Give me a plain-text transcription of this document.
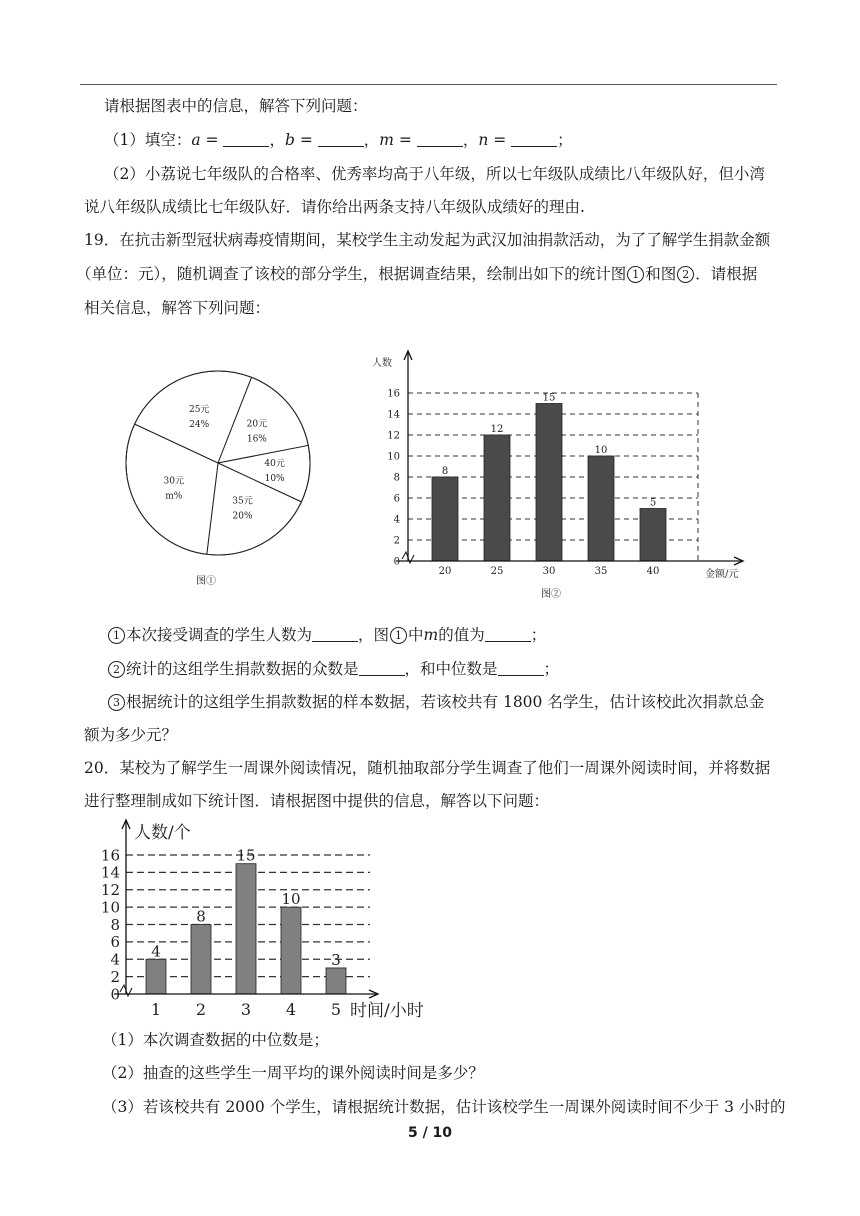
请根据图表中的信息，解答下列问题：
（1）填空：a =	，b =	，m =	，n =	；
（2）小荔说七年级队的合格率、优秀率均高于八年级，所以七年级队成绩比八年级队好，但小湾
说八年级队成绩比七年级队好．请你给出两条支持八年级队成绩好的理由.
19．在抗击新型冠状病毒疫情期间，某校学生主动发起为武汉加油捐款活动，为了了解学生捐款金额
（单位：元），随机调查了该校的部分学生，根据调查结果，绘制出如下的统计图 1 和图 2 ．请根据
相关信息，解答下列问题：
25元
24%	20元
16%
40元
10%
35元
20%
30元
m%
图①
0
2
4
6
8
10
12
14
16
8
20
12
25
15
30
10
35
5
40
人数
金额/元
图②
1 本次接受调查的学生人数为	，图 1 中m的值为	；
2 统计的这组学生捐款数据的众数是	，和中位数是	；
3 根据统计的这组学生捐款数据的样本数据，若该校共有 1800 名学生，估计该校此次捐款总金
额为多少元？
20．某校为了解学生一周课外阅读情况，随机抽取部分学生调查了他们一周课外阅读时间，并将数据
进行整理制成如下统计图．请根据图中提供的信息，解答以下问题：
0
2
4
6
8
10
12
14
16
4
1
8
2
15
3
10
4
3
5
人数/个
时间/小时
（1）本次调查数据的中位数是；
（2）抽查的这些学生一周平均的课外阅读时间是多少？
（3）若该校共有 2000 个学生，请根据统计数据，估计该校学生一周课外阅读时间不少于 3 小时的
5 / 10
